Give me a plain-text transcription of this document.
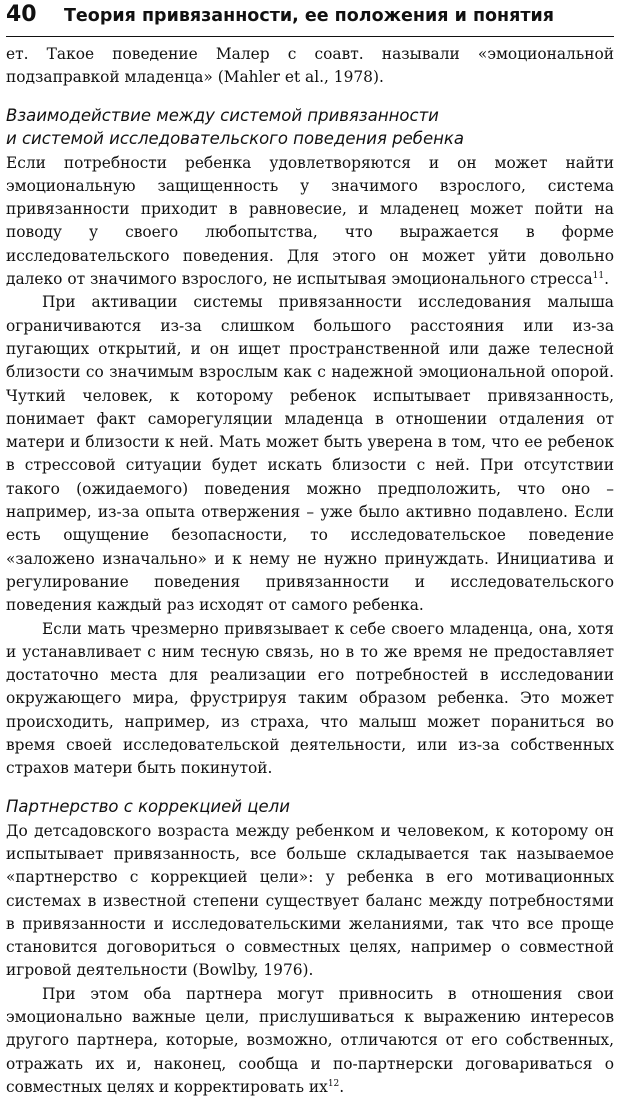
40	Теория привязанности, ее положения и понятия

ет. Такое поведение Малер с соавт. называли «эмоциональной подзаправкой младенца» (Mahler et al., 1978).

Взаимодействие между системой привязанности
и системой исследовательского поведения ребенка

Если потребности ребенка удовлетворяются и он может найти эмоциональную защищенность у значимого взрослого, система привязанности приходит в равновесие, и младенец может пойти на поводу у своего любопытства, что выражается в форме исследовательского поведения. Для этого он может уйти довольно далеко от значимого взрослого, не испытывая эмоционального стресса$^{11}$.

При активации системы привязанности исследования малыша ограничиваются из-за слишком большого расстояния или из-за пугающих открытий, и он ищет пространственной или даже телесной близости со значимым взрослым как с надежной эмоциональной опорой. Чуткий человек, к которому ребенок испытывает привязанность, понимает факт саморегуляции младенца в отношении отдаления от матери и близости к ней. Мать может быть уверена в том, что ее ребенок в стрессовой ситуации будет искать близости с ней. При отсутствии такого (ожидаемого) поведения можно предположить, что оно – например, из-за опыта отвержения – уже было активно подавлено. Если есть ощущение безопасности, то исследовательское поведение «заложено изначально» и к нему не нужно принуждать. Инициатива и регулирование поведения привязанности и исследовательского поведения каждый раз исходят от самого ребенка.

Если мать чрезмерно привязывает к себе своего младенца, она, хотя и устанавливает с ним тесную связь, но в то же время не предоставляет достаточно места для реализации его потребностей в исследовании окружающего мира, фрустрируя таким образом ребенка. Это может происходить, например, из страха, что малыш может пораниться во время своей исследовательской деятельности, или из-за собственных страхов матери быть покинутой.

Партнерство с коррекцией цели

До детсадовского возраста между ребенком и человеком, к которому он испытывает привязанность, все больше складывается так называемое «партнерство с коррекцией цели»: у ребенка в его мотивационных системах в известной степени существует баланс между потребностями в привязанности и исследовательскими желаниями, так что все проще становится договориться о совместных целях, например о совместной игровой деятельности (Bowlby, 1976).

При этом оба партнера могут привносить в отношения свои эмоционально важные цели, прислушиваться к выражению интересов другого партнера, которые, возможно, отличаются от его собственных, отражать их и, наконец, сообща и по-партнерски договариваться о совместных целях и корректировать $их^{12}$.
